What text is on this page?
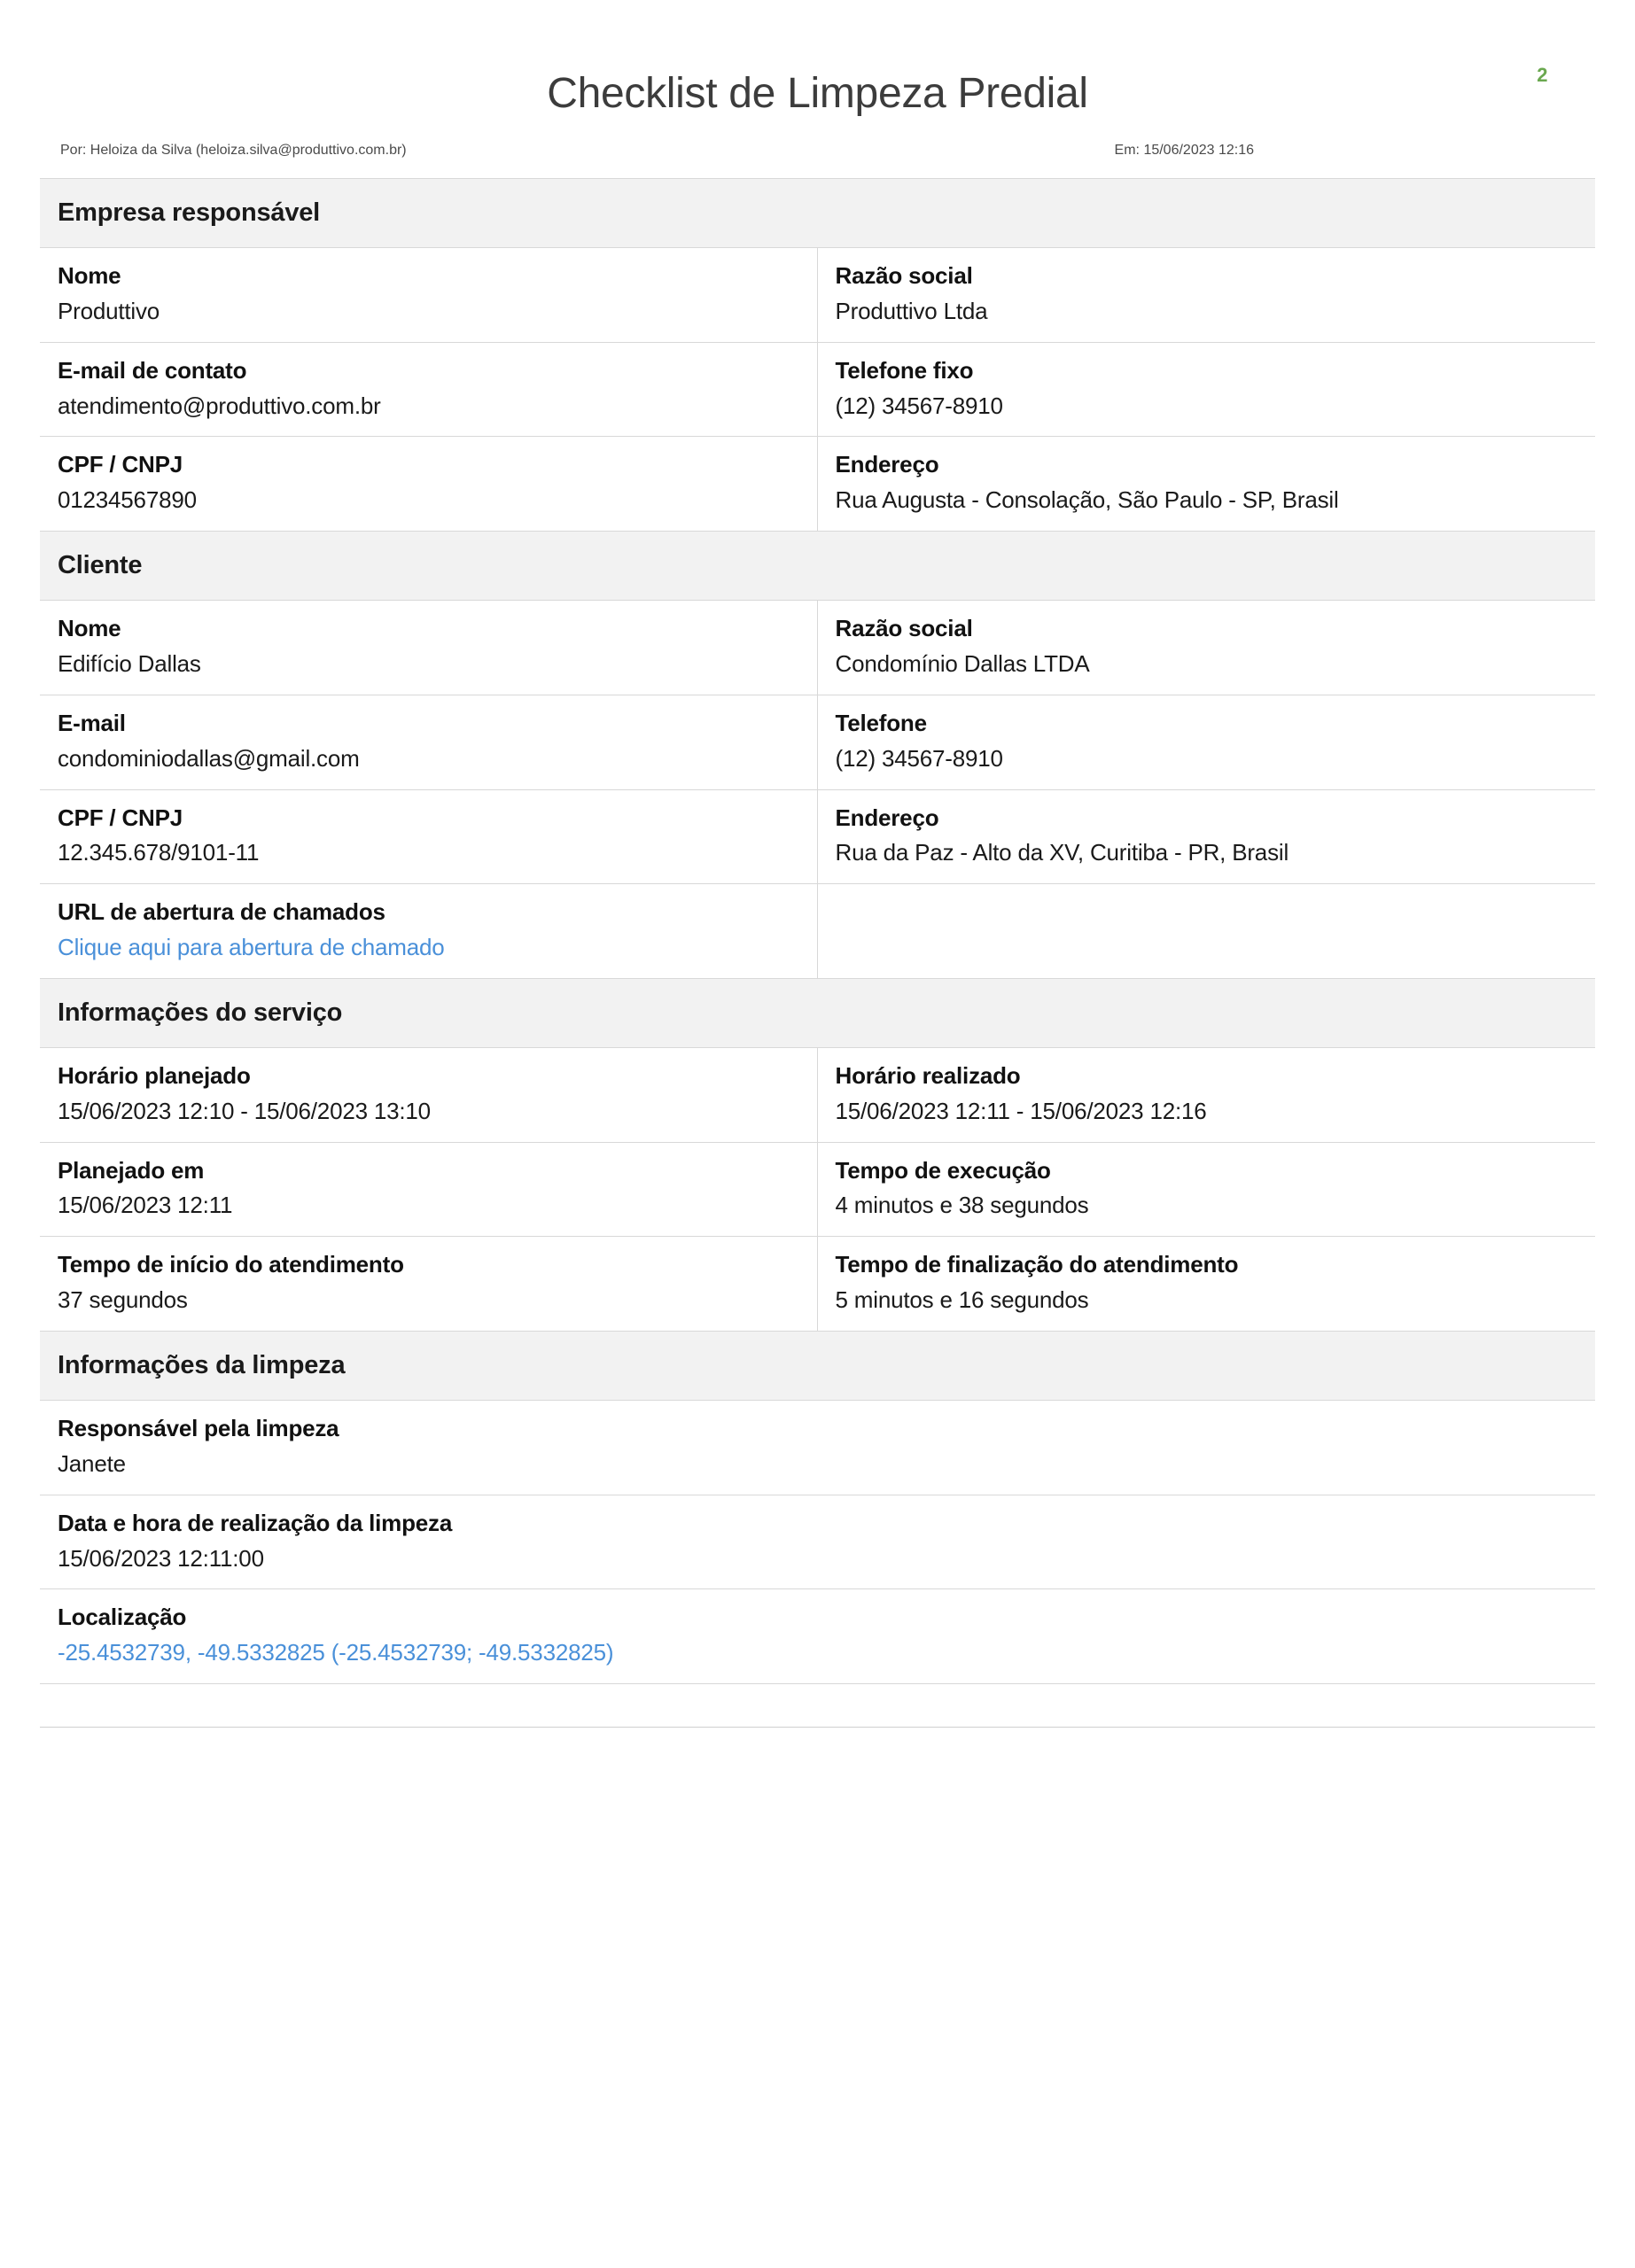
2
Checklist de Limpeza Predial
Por: Heloiza da Silva (heloiza.silva@produttivo.com.br)	Em: 15/06/2023 12:16
Empresa responsável
Nome
Produttivo
Razão social
Produttivo Ltda
E-mail de contato
atendimento@produttivo.com.br
Telefone fixo
(12) 34567-8910
CPF / CNPJ
01234567890
Endereço
Rua Augusta - Consolação, São Paulo - SP, Brasil
Cliente
Nome
Edifício Dallas
Razão social
Condomínio Dallas LTDA
E-mail
condominiodallas@gmail.com
Telefone
(12) 34567-8910
CPF / CNPJ
12.345.678/9101-11
Endereço
Rua da Paz - Alto da XV, Curitiba - PR, Brasil
URL de abertura de chamados
Clique aqui para abertura de chamado
Informações do serviço
Horário planejado
15/06/2023 12:10 - 15/06/2023 13:10
Horário realizado
15/06/2023 12:11 - 15/06/2023 12:16
Planejado em
15/06/2023 12:11
Tempo de execução
4 minutos e 38 segundos
Tempo de início do atendimento
37 segundos
Tempo de finalização do atendimento
5 minutos e 16 segundos
Informações da limpeza
Responsável pela limpeza
Janete
Data e hora de realização da limpeza
15/06/2023 12:11:00
Localização
-25.4532739, -49.5332825 (-25.4532739; -49.5332825)
